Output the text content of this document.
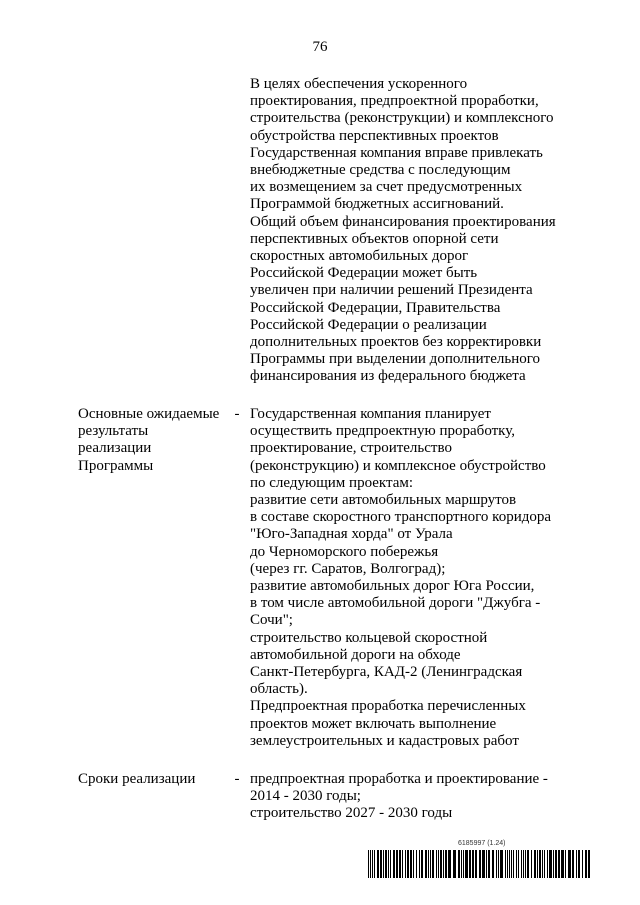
76
В целях обеспечения ускоренного
проектирования, предпроектной проработки,
строительства (реконструкции) и комплексного
обустройства перспективных проектов
Государственная компания вправе привлекать
внебюджетные средства с последующим
их возмещением за счет предусмотренных
Программой бюджетных ассигнований.
Общий объем финансирования проектирования
перспективных объектов опорной сети
скоростных автомобильных дорог
Российской Федерации может быть
увеличен при наличии решений Президента
Российской Федерации, Правительства
Российской Федерации о реализации
дополнительных проектов без корректировки
Программы при выделении дополнительного
финансирования из федерального бюджета
Основные ожидаемые
результаты
реализации
Программы
- Государственная компания планирует
осуществить предпроектную проработку,
проектирование, строительство
(реконструкцию) и комплексное обустройство
по следующим проектам:
развитие сети автомобильных маршрутов
в составе скоростного транспортного коридора
"Юго-Западная хорда" от Урала
до Черноморского побережья
(через гг. Саратов, Волгоград);
развитие автомобильных дорог Юга России,
в том числе автомобильной дороги "Джубга -
Сочи";
строительство кольцевой скоростной
автомобильной дороги на обходе
Санкт-Петербурга, КАД-2 (Ленинградская
область).
Предпроектная проработка перечисленных
проектов может включать выполнение
землеустроительных и кадастровых работ
Сроки реализации	- предпроектная проработка и проектирование -
2014 - 2030 годы;
строительство 2027 - 2030 годы
6185997 (1.24)
